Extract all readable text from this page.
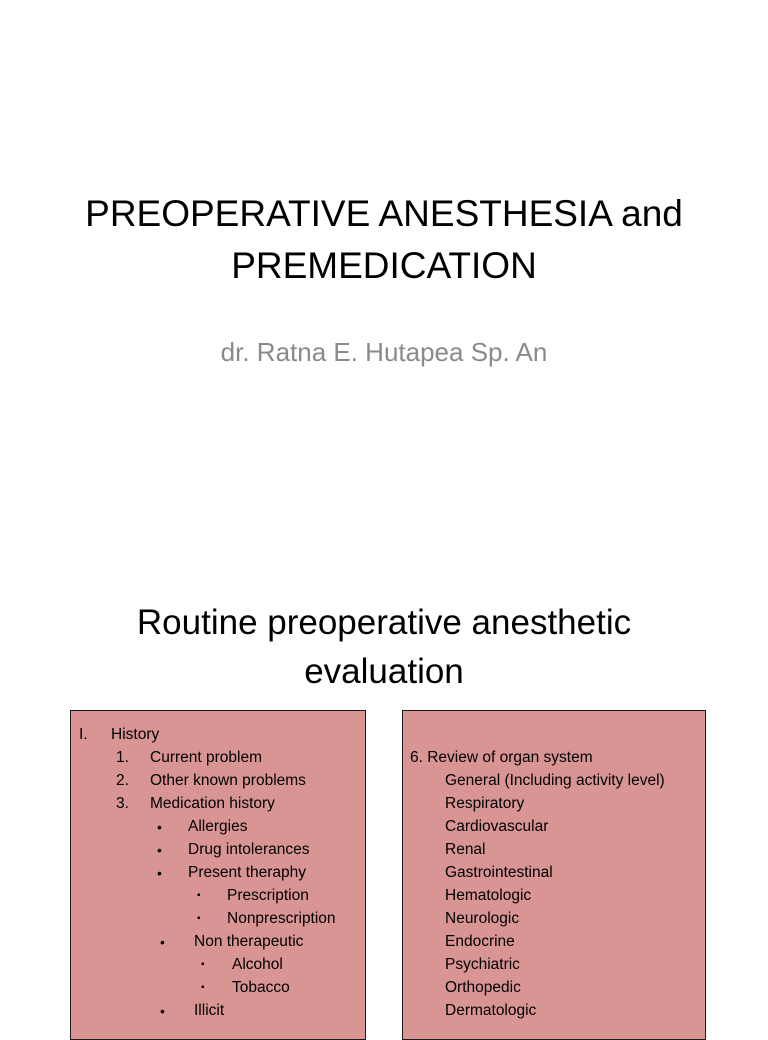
PREOPERATIVE ANESTHESIA and
PREMEDICATION
dr. Ratna E. Hutapea Sp. An
Routine preoperative anesthetic
evaluation
I. History
1. Current problem
2. Other known problems
3. Medication history
• Allergies
• Drug intolerances
• Present theraphy
▪ Prescription
▪ Nonprescription
• Non therapeutic
▪ Alcohol
▪ Tobacco
• Illicit
6. Review of organ system
General (Including activity level)
Respiratory
Cardiovascular
Renal
Gastrointestinal
Hematologic
Neurologic
Endocrine
Psychiatric
Orthopedic
Dermatologic
